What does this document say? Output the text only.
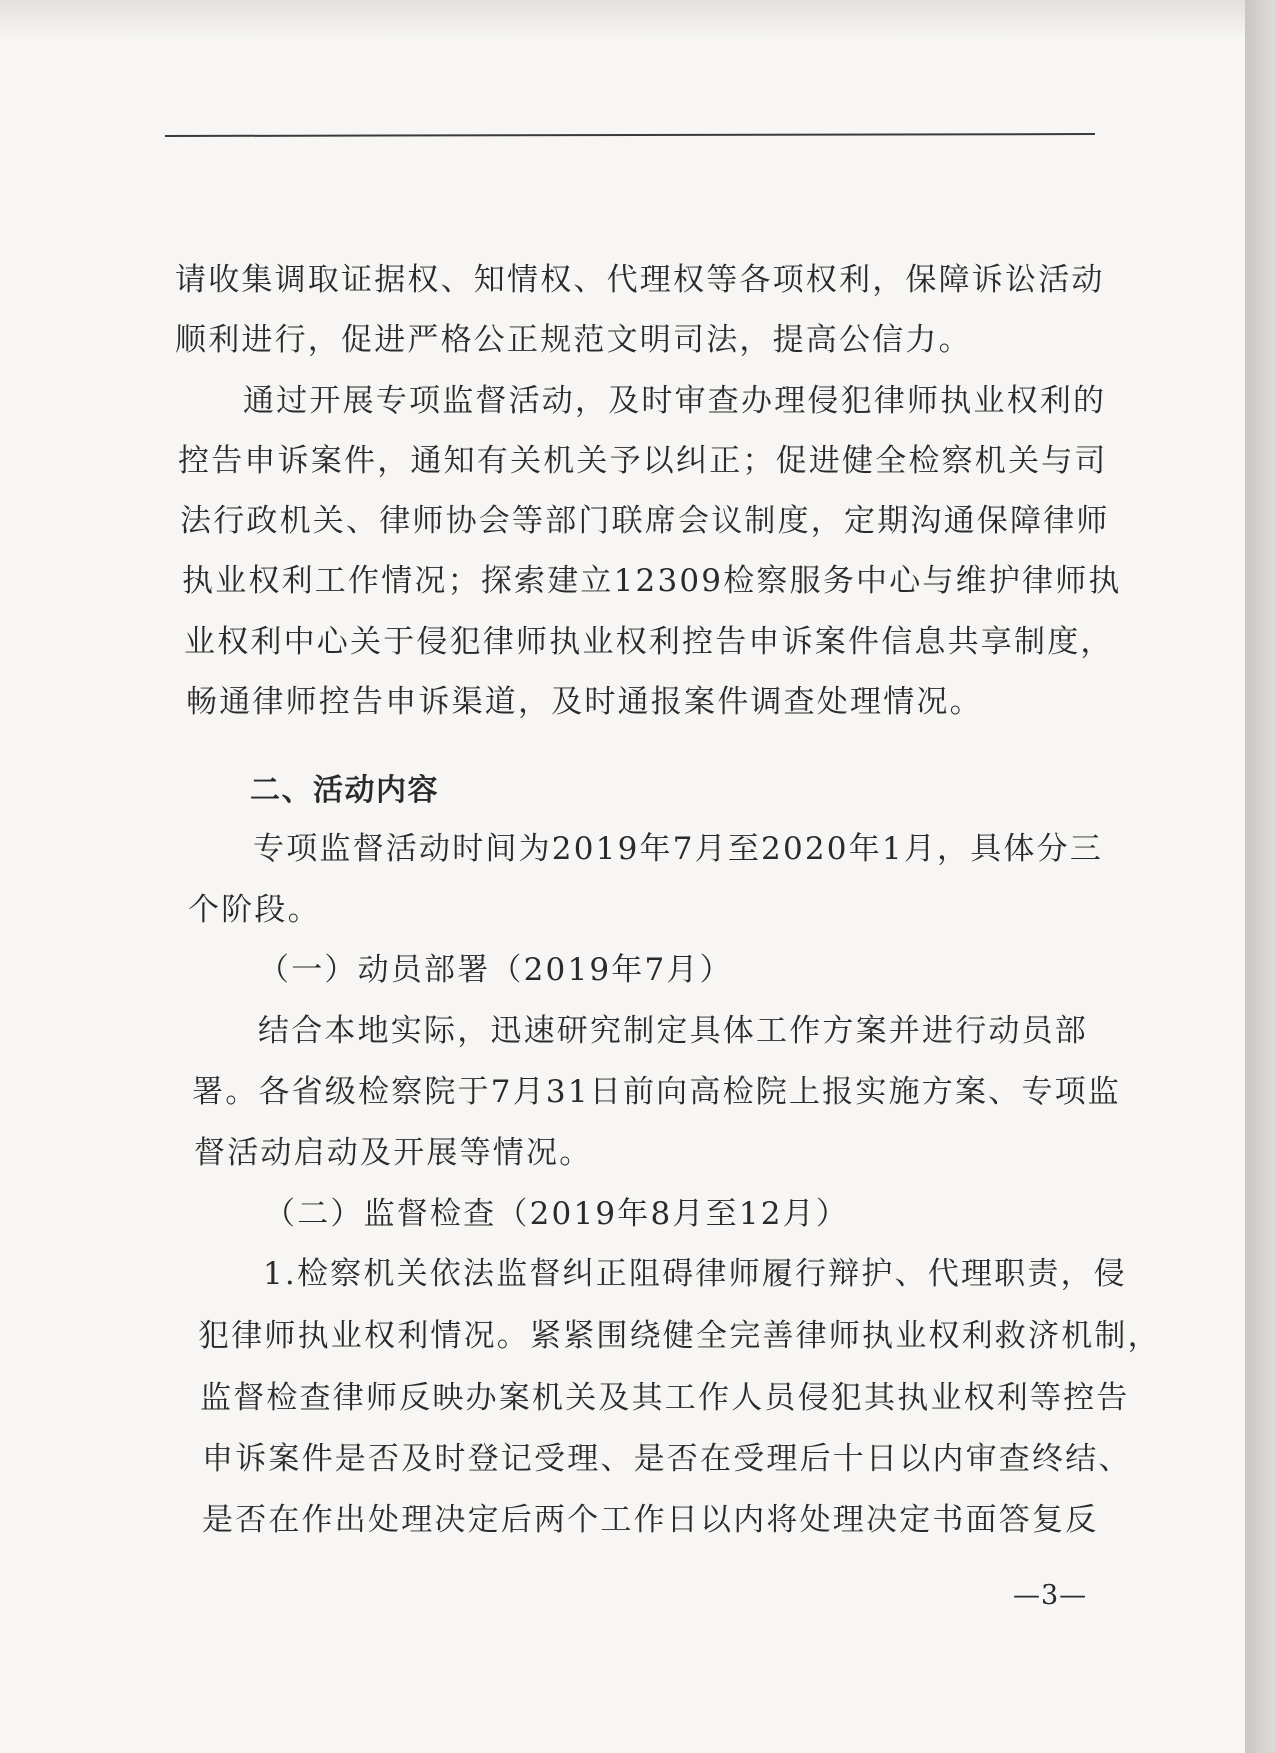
请收集调取证据权、知情权、代理权等各项权利，保障诉讼活动
顺利进行，促进严格公正规范文明司法，提高公信力。
通过开展专项监督活动，及时审查办理侵犯律师执业权利的
控告申诉案件，通知有关机关予以纠正；促进健全检察机关与司
法行政机关、律师协会等部门联席会议制度，定期沟通保障律师
执业权利工作情况；探索建立12309检察服务中心与维护律师执
业权利中心关于侵犯律师执业权利控告申诉案件信息共享制度，
畅通律师控告申诉渠道，及时通报案件调查处理情况。
二、活动内容
专项监督活动时间为2019年7月至2020年1月，具体分三
个阶段。
（一）动员部署（2019年7月）
结合本地实际，迅速研究制定具体工作方案并进行动员部
署。各省级检察院于7月31日前向高检院上报实施方案、专项监
督活动启动及开展等情况。
（二）监督检查（2019年8月至12月）
1.检察机关依法监督纠正阻碍律师履行辩护、代理职责，侵
犯律师执业权利情况。紧紧围绕健全完善律师执业权利救济机制，
监督检查律师反映办案机关及其工作人员侵犯其执业权利等控告
申诉案件是否及时登记受理、是否在受理后十日以内审查终结、
是否在作出处理决定后两个工作日以内将处理决定书面答复反
—3—
